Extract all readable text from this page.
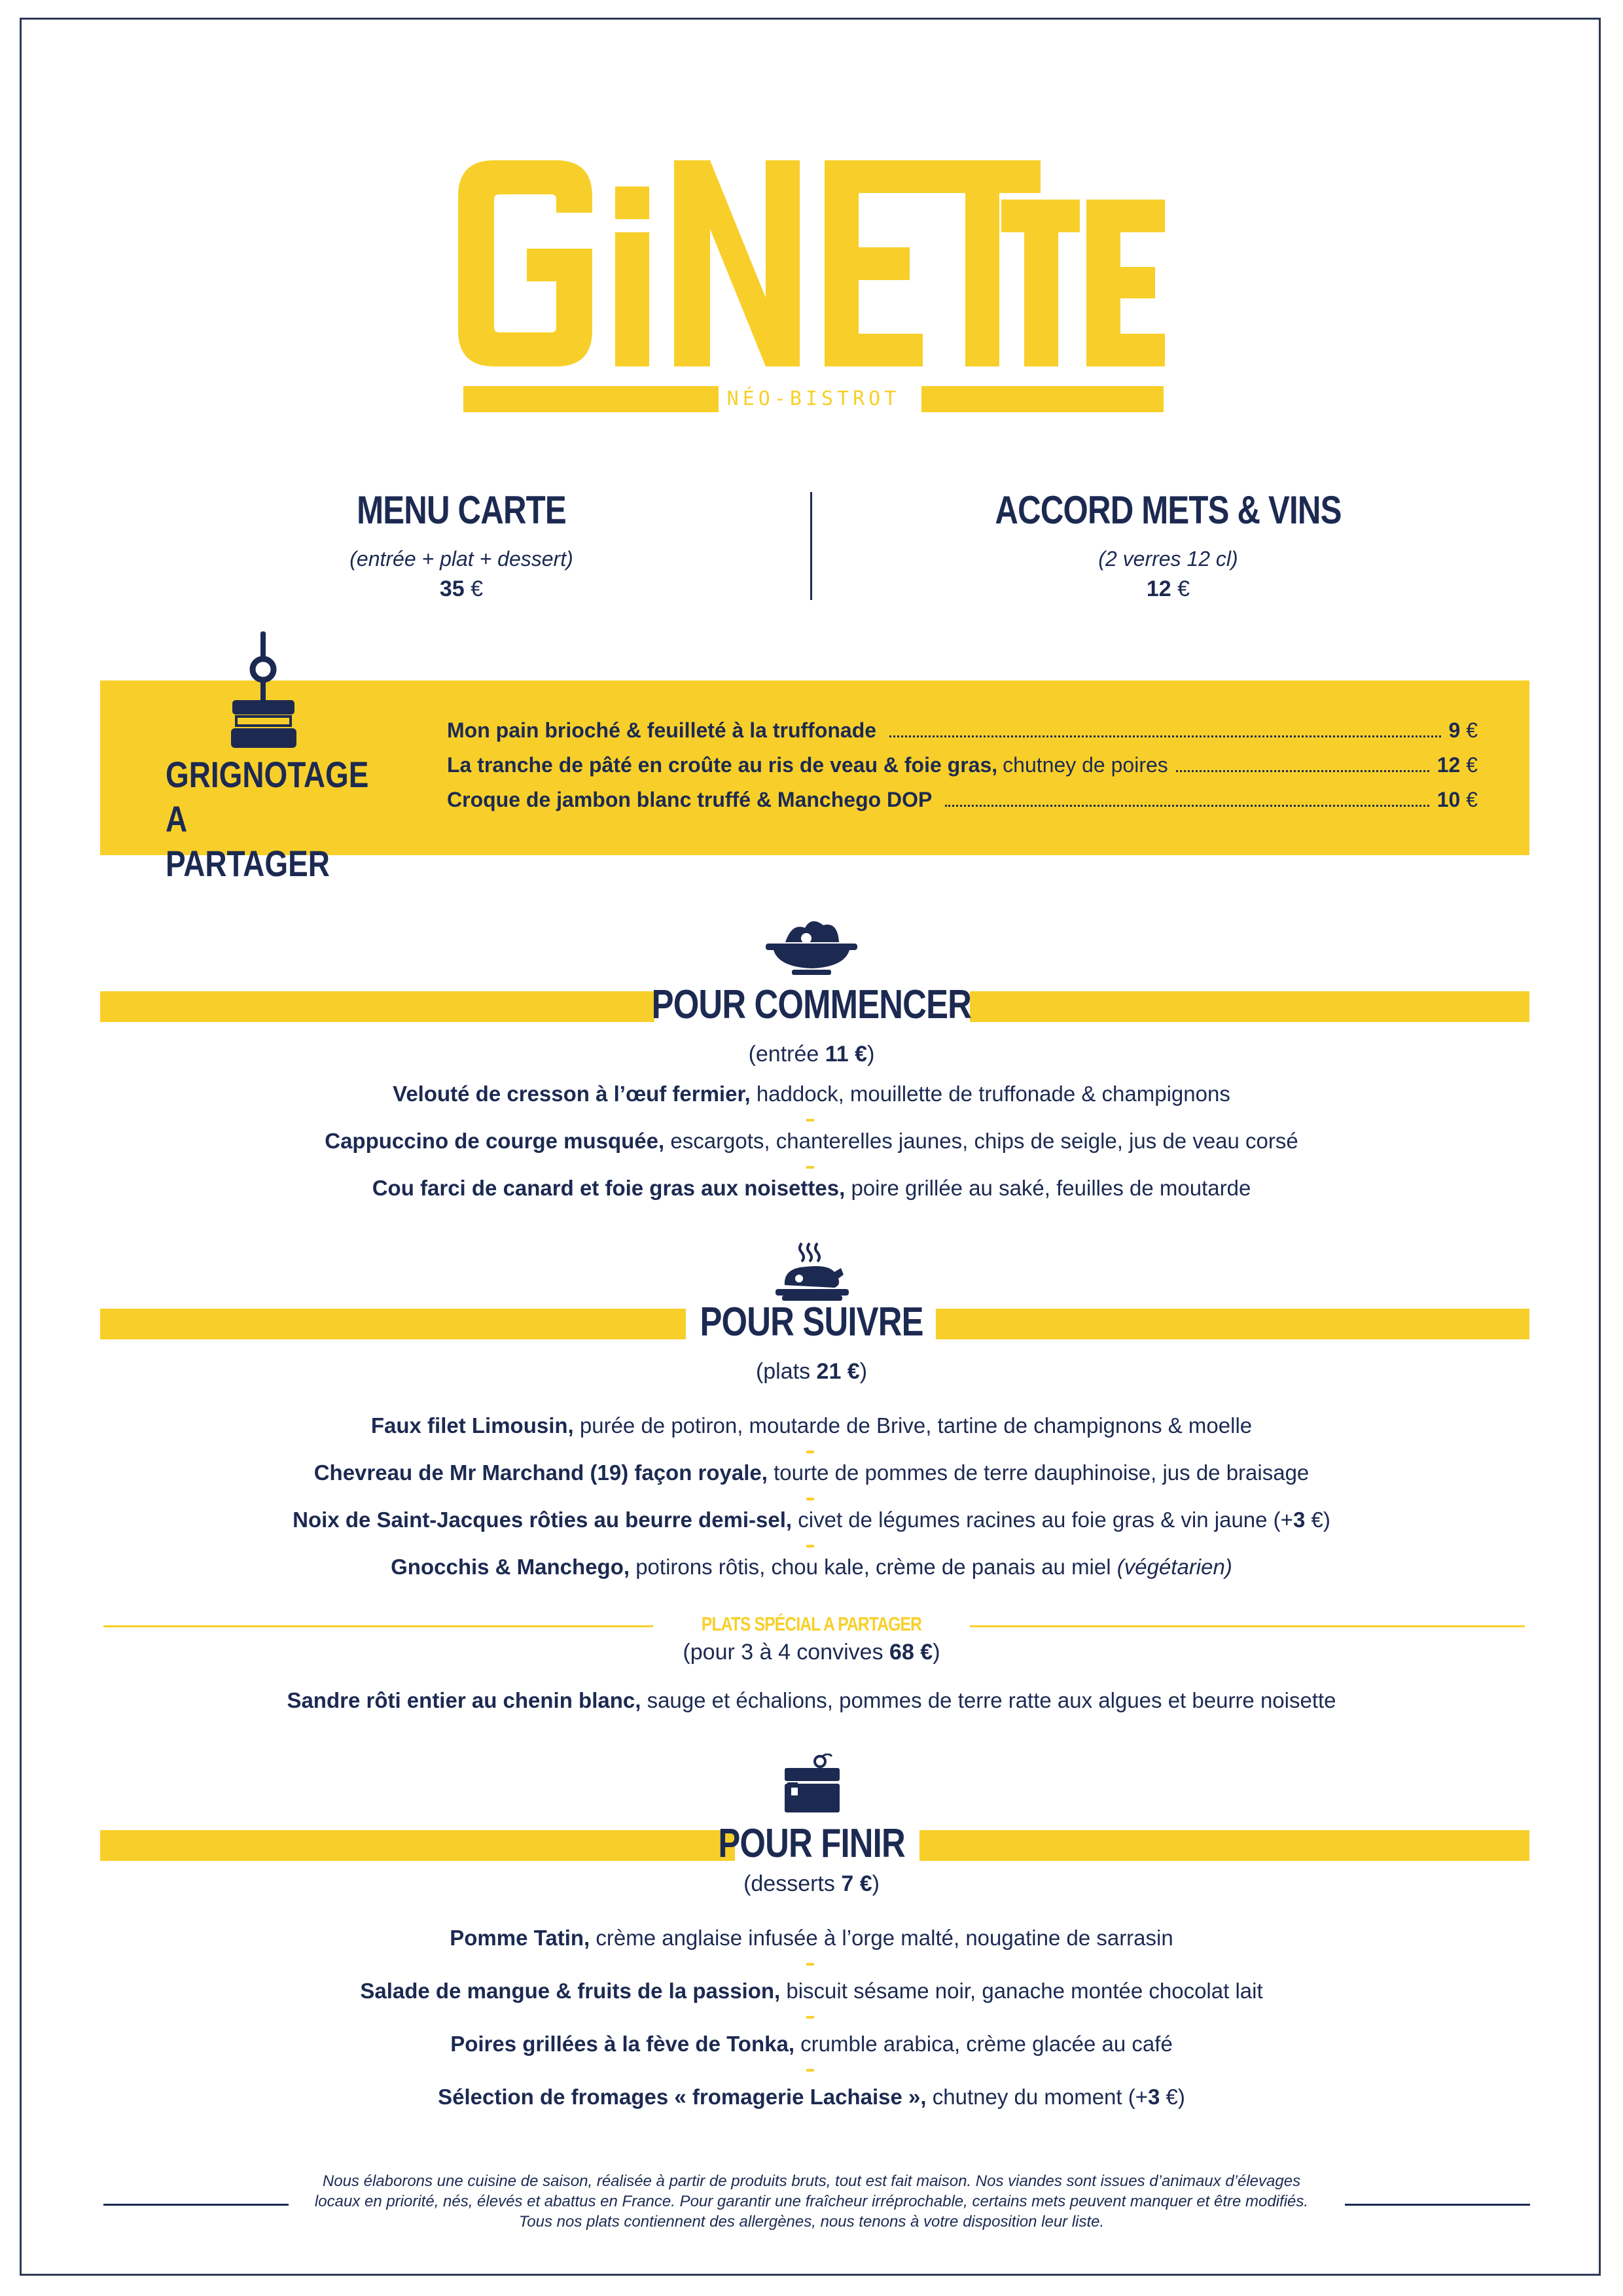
NÉO-BISTROT
MENU CARTE
(entrée + plat + dessert)
35 €
ACCORD METS & VINS
(2 verres 12 cl)
12 €
GRIGNOTAGE
A PARTAGER
Mon pain brioché & feuilleté à la truffonade	9 €
La tranche de pâté en croûte au ris de veau & foie gras, chutney de poires	12 €
Croque de jambon blanc truffé & Manchego DOP	10 €
POUR COMMENCER
(entrée 11 €)
Velouté de cresson à l’œuf fermier, haddock, mouillette de truffonade & champignons
Cappuccino de courge musquée, escargots, chanterelles jaunes, chips de seigle, jus de veau corsé
Cou farci de canard et foie gras aux noisettes, poire grillée au saké, feuilles de moutarde
POUR SUIVRE
(plats 21 €)
Faux filet Limousin, purée de potiron, moutarde de Brive, tartine de champignons & moelle
Chevreau de Mr Marchand (19) façon royale, tourte de pommes de terre dauphinoise, jus de braisage
Noix de Saint-Jacques rôties au beurre demi-sel, civet de légumes racines au foie gras & vin jaune (+3 €)
Gnocchis & Manchego, potirons rôtis, chou kale, crème de panais au miel (végétarien)
PLATS SPÉCIAL A PARTAGER
(pour 3 à 4 convives 68 €)
Sandre rôti entier au chenin blanc, sauge et échalions, pommes de terre ratte aux algues et beurre noisette
POUR FINIR
(desserts 7 €)
Pomme Tatin, crème anglaise infusée à l’orge malté, nougatine de sarrasin
Salade de mangue & fruits de la passion, biscuit sésame noir, ganache montée chocolat lait
Poires grillées à la fève de Tonka, crumble arabica, crème glacée au café
Sélection de fromages « fromagerie Lachaise », chutney du moment (+3 €)
Nous élaborons une cuisine de saison, réalisée à partir de produits bruts, tout est fait maison. Nos viandes sont issues d’animaux d’élevages
locaux en priorité, nés, élevés et abattus en France. Pour garantir une fraîcheur irréprochable, certains mets peuvent manquer et être modifiés.
Tous nos plats contiennent des allergènes, nous tenons à votre disposition leur liste.
